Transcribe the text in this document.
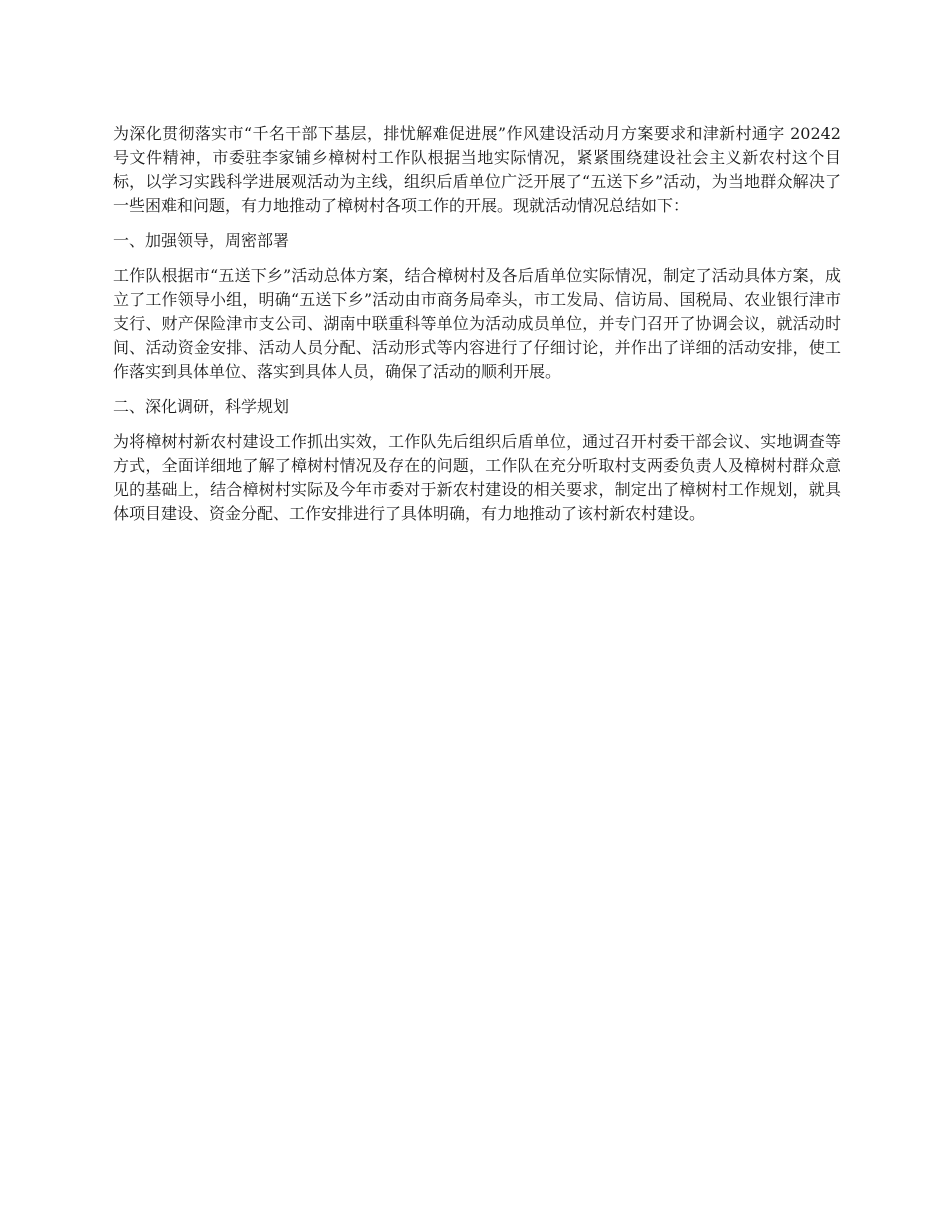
为深化贯彻落实市“千名干部下基层，排忧解难促进展”作风建设活动月方案要求和津新村通字 20242 号文件精神，市委驻李家铺乡樟树村工作队根据当地实际情况，紧紧围绕建设社会主义新农村这个目标，以学习实践科学进展观活动为主线，组织后盾单位广泛开展了“五送下乡”活动，为当地群众解决了一些困难和问题，有力地推动了樟树村各项工作的开展。现就活动情况总结如下：

一、加强领导，周密部署

工作队根据市“五送下乡”活动总体方案，结合樟树村及各后盾单位实际情况，制定了活动具体方案，成立了工作领导小组，明确“五送下乡”活动由市商务局牵头，市工发局、信访局、国税局、农业银行津市支行、财产保险津市支公司、湖南中联重科等单位为活动成员单位，并专门召开了协调会议，就活动时间、活动资金安排、活动人员分配、活动形式等内容进行了仔细讨论，并作出了详细的活动安排，使工作落实到具体单位、落实到具体人员，确保了活动的顺利开展。

二、深化调研，科学规划

为将樟树村新农村建设工作抓出实效，工作队先后组织后盾单位，通过召开村委干部会议、实地调查等方式，全面详细地了解了樟树村情况及存在的问题，工作队在充分听取村支两委负责人及樟树村群众意见的基础上，结合樟树村实际及今年市委对于新农村建设的相关要求，制定出了樟树村工作规划，就具体项目建设、资金分配、工作安排进行了具体明确，有力地推动了该村新农村建设。
